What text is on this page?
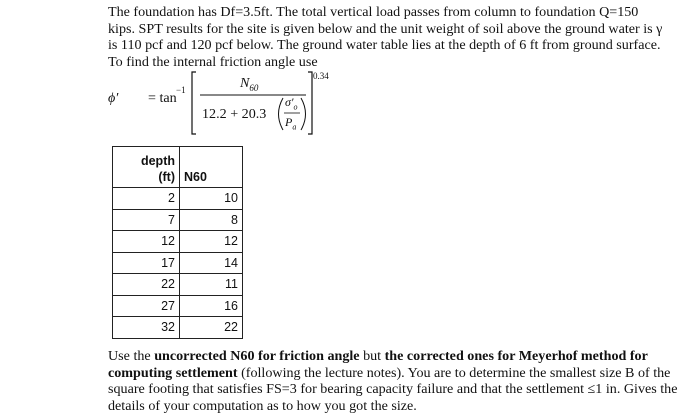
The foundation has Df=3.5ft. The total vertical load passes from column to foundation Q=150 kips. SPT results for the site is given below and the unit weight of soil above the ground water is γ is 110 pcf and 120 pcf below. The ground water table lies at the depth of 6 ft from ground surface. To find the internal friction angle use

ϕ′ = tan −1	$N_{60}$
12.2 + 20.3
$\sigma'_o$
$P_a$
0.34
depth
(ft)	N60
2	10
7	8
12	12
17	14
22	11
27	16
32	22

Use the uncorrected N60 for friction angle but the corrected ones for Meyerhof method for computing settlement (following the lecture notes). You are to determine the smallest size B of the square footing that satisfies FS=3 for bearing capacity failure and that the settlement ≤1 in. Gives the details of your computation as to how you got the size.
